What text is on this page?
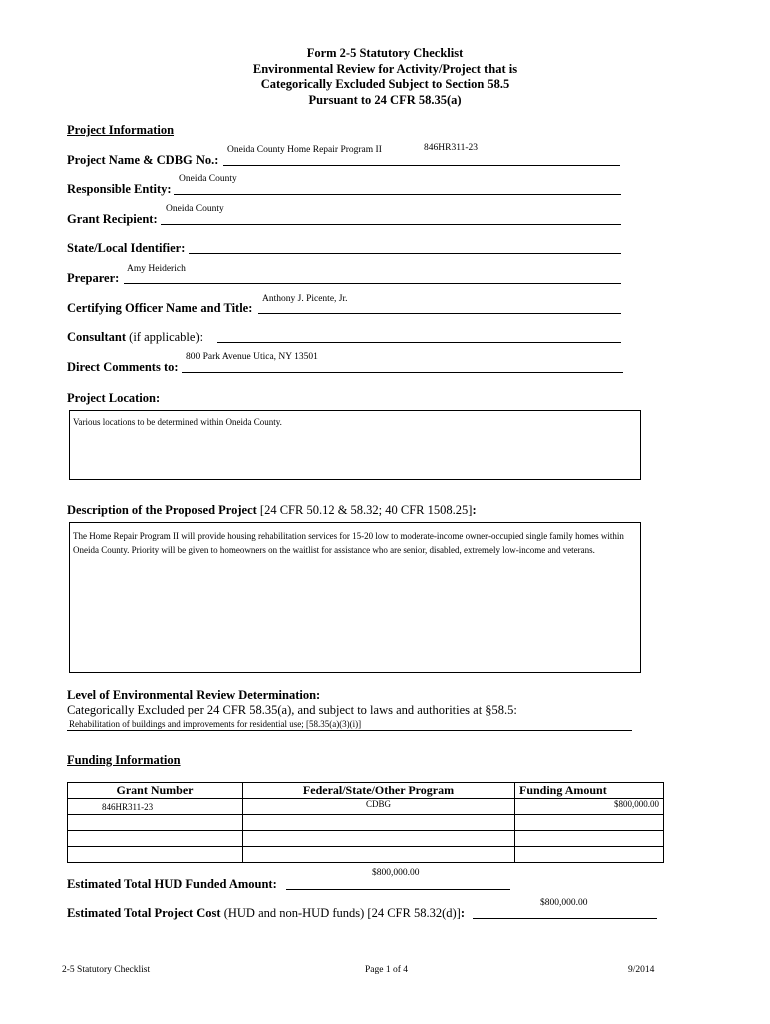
Form 2-5 Statutory Checklist
Environmental Review for Activity/Project that is
Categorically Excluded Subject to Section 58.5
Pursuant to 24 CFR 58.35(a)
Project Information
Project Name & CDBG No.:
Oneida County Home Repair Program II	846HR311-23
Responsible Entity:
Oneida County
Grant Recipient:
Oneida County
State/Local Identifier:
Preparer:
Amy Heiderich
Certifying Officer Name and Title:
Anthony J. Picente, Jr.
Consultant (if applicable):
Direct Comments to:
800 Park Avenue Utica, NY 13501
Project Location:
Various locations to be determined within Oneida County.
Description of the Proposed Project [24 CFR 50.12 & 58.32; 40 CFR 1508.25]:
The Home Repair Program II will provide housing rehabilitation services for 15-20 low to moderate-income owner-occupied single family homes within Oneida County. Priority will be given to homeowners on the waitlist for assistance who are senior, disabled, extremely low-income and veterans.
Level of Environmental Review Determination:
Categorically Excluded per 24 CFR 58.35(a), and subject to laws and authorities at §58.5:
Rehabilitation of buildings and improvements for residential use; [58.35(a)(3)(i)]
Funding Information
Grant Number	Federal/State/Other Program	Funding Amount
846HR311-23	CDBG	$800,000.00

Estimated Total HUD Funded Amount:
$800,000.00
Estimated Total Project Cost (HUD and non-HUD funds) [24 CFR 58.32(d)]:
$800,000.00
2-5 Statutory Checklist	Page 1 of 4	9/2014
